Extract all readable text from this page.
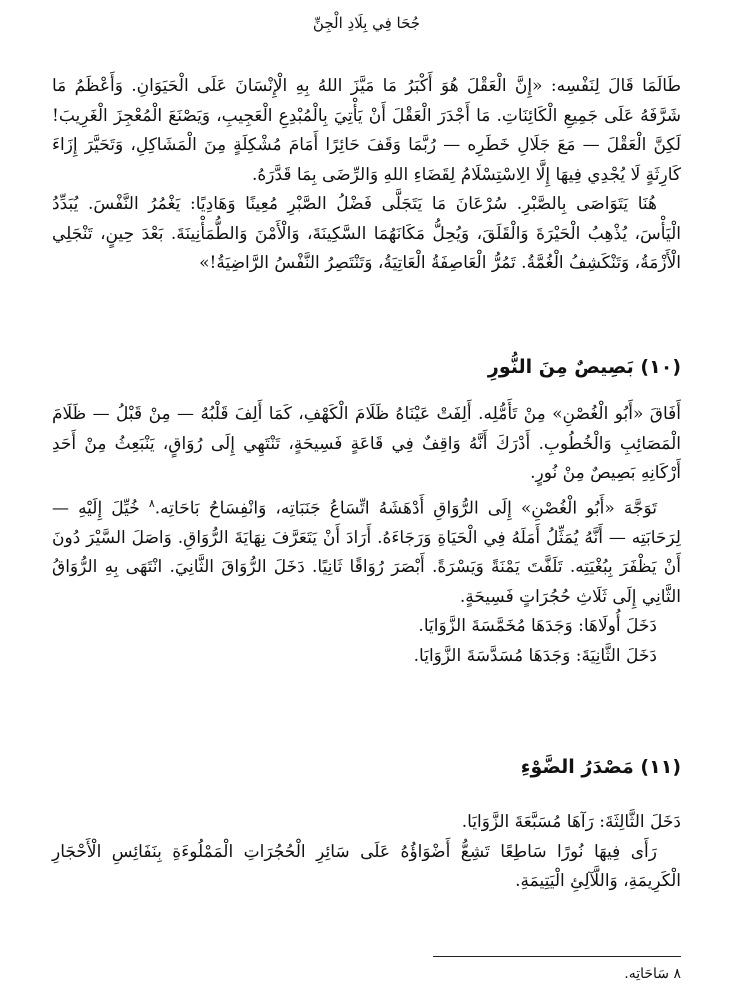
جُحَا فِي بِلَادِ الْجِنِّ

طَالَمَا قَالَ لِنَفْسِه: «إِنَّ الْعَقْلَ هُوَ أَكْبَرُ مَا مَيَّزَ اللهُ بِهِ الْإِنْسَانَ عَلَى الْحَيَوَانِ. وَأَعْظَمُ مَا شَرَّفَهُ عَلَى جَمِيعِ الْكَائِنَاتِ. مَا أَجْدَرَ الْعَقْلَ أَنْ يَأْتِيَ بِالْمُبْدِعِ الْعَجِيبِ، وَيَصْنَعَ الْمُعْجِزَ الْغَرِيبَ! لَكِنَّ الْعَقْلَ — مَعَ جَلَالِ خَطَرِه — رُبَّمَا وَقَفَ حَائِرًا أَمَامَ مُشْكِلَةٍ مِنَ الْمَشَاكِلِ، وَتَحَيَّرَ إِزَاءَ كَارِثَةٍ لَا يُجْدِي فِيهَا إِلَّا الِاسْتِسْلَامُ لِقَضَاءِ اللهِ وَالرِّضَى بِمَا قَدَّرَهُ.

هُنَا يَتَوَاصَى بِالصَّبْرِ. سُرْعَانَ مَا يَتَجَلَّى فَضْلُ الصَّبْرِ مُعِينًا وَهَادِيًا: يَغْمُرُ النَّفْسَ. يُبَدِّدُ الْيَأْسَ، يُذْهِبُ الْحَيْرَةَ وَالْقَلَقَ، وَيُحِلُّ مَكَانَهُمَا السَّكِينَةَ، وَالْأَمْنَ وَالطُّمَأْنِينَةَ. بَعْدَ حِينٍ، تَنْجَلِي الْأَزْمَةُ، وَتَنْكَشِفُ الْغُمَّةُ. تَمُرُّ الْعَاصِفَةُ الْعَاتِيَةُ، وَتَنْتَصِرُ النَّفْسُ الرَّاضِيَةُ!»

(١٠) بَصِيصٌ مِنَ النُّورِ

أَفَاقَ «أَبُو الْغُصْنِ» مِنْ تَأَمُّلِه. أَلِفَتْ عَيْنَاهُ ظَلَامَ الْكَهْفِ، كَمَا أَلِفَ قَلْبُهُ — مِنْ قَبْلُ — ظَلَامَ الْمَصَائِبِ وَالْخُطُوبِ. أَدْرَكَ أَنَّهُ وَاقِفٌ فِي قَاعَةٍ فَسِيحَةٍ، تَنْتَهِي إِلَى رُوَاقٍ، يَنْبَعِثُ مِنْ أَحَدِ أَرْكَانِهِ بَصِيصٌ مِنْ نُورٍ.

تَوَجَّهَ «أَبُو الْغُصْنِ» إِلَى الرُّوَاقِ أَدْهَشَهُ اتِّسَاعُ جَنَبَاتِه، وَانْفِسَاحُ بَاحَاتِه.$^٨$ خُيِّلَ إِلَيْهِ — لِرَحَابَتِه — أَنَّهُ يُمَثِّلُ أَمَلَهُ فِي الْحَيَاةِ وَرَجَاءَهُ. أَرَادَ أَنْ يَتَعَرَّفَ نِهَايَةَ الرُّوَاقِ. وَاصَلَ السَّيْرَ دُونَ أَنْ يَظْفَرَ بِبُغْيَتِه. تَلَفَّتَ يَمْنَةً وَيَسْرَةً. أَبْصَرَ رُوَاقًا ثَانِيًا. دَخَلَ الرُّوَاقَ الثَّانِيَ. انْتَهَى بِهِ الرُّوَاقُ الثَّانِي إِلَى ثَلَاثِ حُجُرَاتٍ فَسِيحَةٍ.

دَخَلَ أُولَاهَا: وَجَدَهَا مُخَمَّسَةَ الزَّوَايَا.

دَخَلَ الثَّانِيَةَ: وَجَدَهَا مُسَدَّسَةَ الزَّوَايَا.

(١١) مَصْدَرُ الضَّوْءِ

دَخَلَ الثَّالِثَةَ: رَآهَا مُسَبَّعَةَ الزَّوَايَا.

رَأَى فِيهَا نُورًا سَاطِعًا تَشِعُّ أَضْوَاؤُهُ عَلَى سَائِرِ الْحُجُرَاتِ الْمَمْلُوءَةِ بِنَفَائِسِ الْأَحْجَارِ الْكَرِيمَةِ، وَاللَّآلِئِ الْيَتِيمَةِ.

٨ سَاحَاتِه.
